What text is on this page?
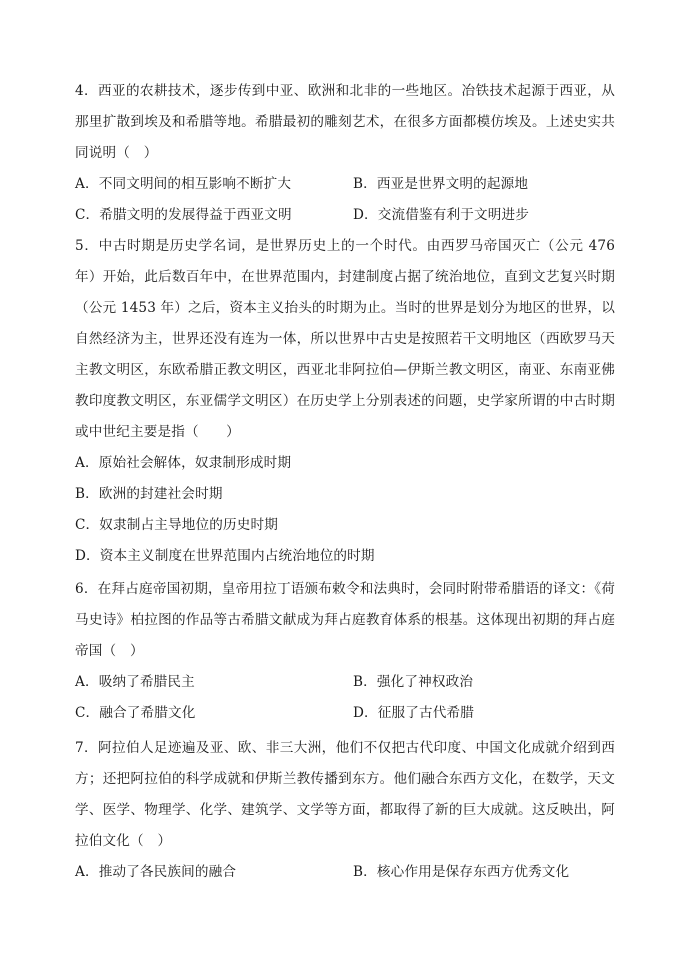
4．西亚的农耕技术，逐步传到中亚、欧洲和北非的一些地区。冶铁技术起源于西亚，从那里扩散到埃及和希腊等地。希腊最初的雕刻艺术，在很多方面都模仿埃及。上述史实共同说明（　）
A．不同文明间的相互影响不断扩大	B．西亚是世界文明的起源地
C．希腊文明的发展得益于西亚文明	D．交流借鉴有利于文明进步
5．中古时期是历史学名词，是世界历史上的一个时代。由西罗马帝国灭亡（公元 476 年）开始，此后数百年中，在世界范围内，封建制度占据了统治地位，直到文艺复兴时期（公元 1453 年）之后，资本主义抬头的时期为止。当时的世界是划分为地区的世界，以自然经济为主，世界还没有连为一体，所以世界中古史是按照若干文明地区（西欧罗马天主教文明区，东欧希腊正教文明区，西亚北非阿拉伯—伊斯兰教文明区，南亚、东南亚佛教印度教文明区，东亚儒学文明区）在历史学上分别表述的问题，史学家所谓的中古时期或中世纪主要是指（　　）
A．原始社会解体，奴隶制形成时期
B．欧洲的封建社会时期
C．奴隶制占主导地位的历史时期
D．资本主义制度在世界范围内占统治地位的时期
6．在拜占庭帝国初期，皇帝用拉丁语颁布敕令和法典时，会同时附带希腊语的译文：《荷马史诗》柏拉图的作品等古希腊文献成为拜占庭教育体系的根基。这体现出初期的拜占庭帝国（　）
A．吸纳了希腊民主	B．强化了神权政治
C．融合了希腊文化	D．征服了古代希腊
7．阿拉伯人足迹遍及亚、欧、非三大洲，他们不仅把古代印度、中国文化成就介绍到西方；还把阿拉伯的科学成就和伊斯兰教传播到东方。他们融合东西方文化，在数学，天文学、医学、物理学、化学、建筑学、文学等方面，都取得了新的巨大成就。这反映出，阿拉伯文化（　）
A．推动了各民族间的融合	B．核心作用是保存东西方优秀文化
